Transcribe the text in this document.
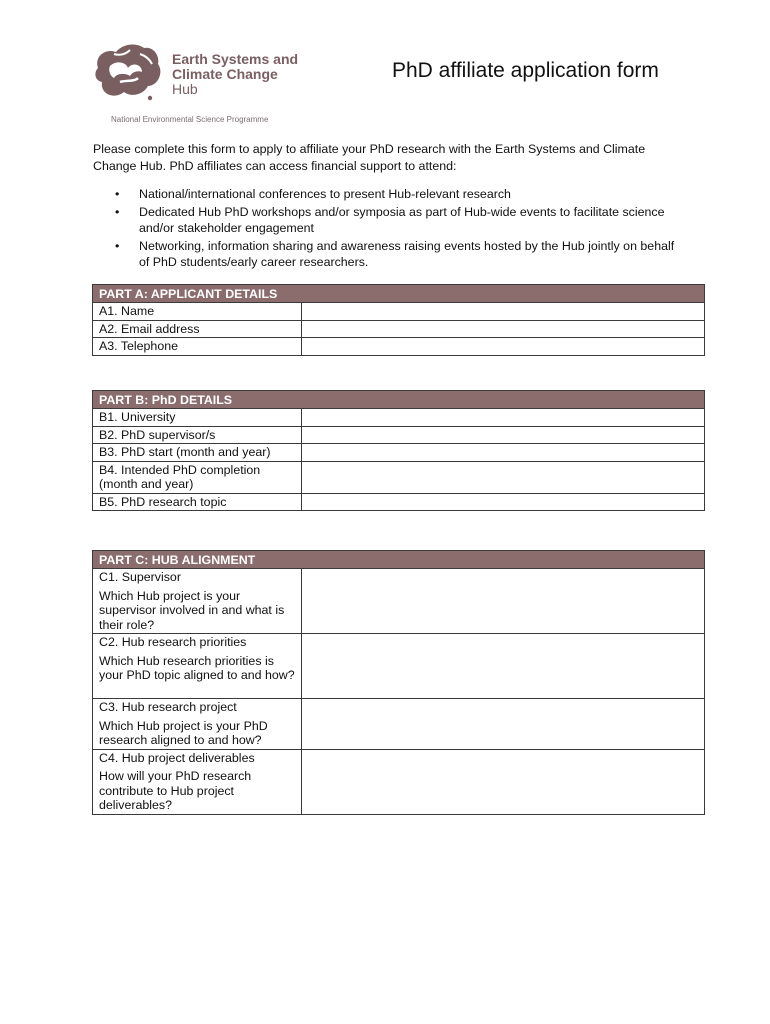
Earth Systems and
Climate Change
Hub
National Environmental Science Programme
PhD affiliate application form
Please complete this form to apply to affiliate your PhD research with the Earth Systems and Climate Change Hub. PhD affiliates can access financial support to attend:
• National/international conferences to present Hub-relevant research
• Dedicated Hub PhD workshops and/or symposia as part of Hub-wide events to facilitate science and/or stakeholder engagement
• Networking, information sharing and awareness raising events hosted by the Hub jointly on behalf of PhD students/early career researchers.
PART A: APPLICANT DETAILS	
A1. Name	

A2. Email address	

A3. Telephone	
PART B: PhD DETAILS	
B1. University	

B2. PhD supervisor/s	

B3. PhD start (month and year)	

B4. Intended PhD completion (month and year)	

B5. PhD research topic	
PART C: HUB ALIGNMENT	

C1. Supervisor
Which Hub project is your supervisor involved in and what is their role?	

C2. Hub research priorities
Which Hub research priorities is your PhD topic aligned to and how?	

C3. Hub research project
Which Hub project is your PhD research aligned to and how?	

C4. Hub project deliverables
How will your PhD research contribute to Hub project deliverables?	
